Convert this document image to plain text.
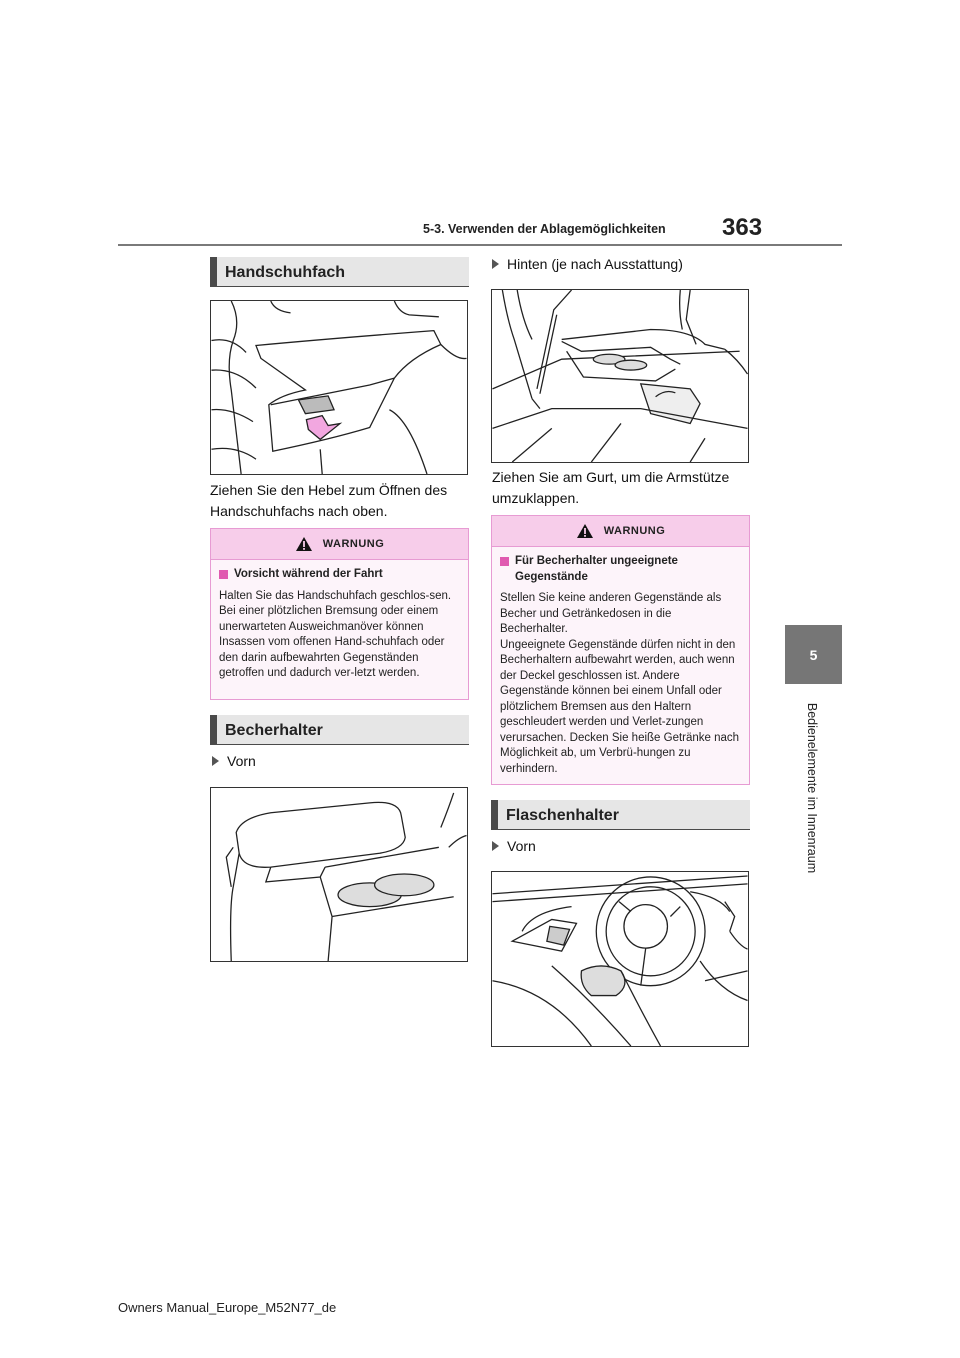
5-3. Verwenden der Ablagemöglichkeiten 363
5
Bedienelemente im Innenraum
Handschuhfach
Ziehen Sie den Hebel zum Öffnen des Handschuhfachs nach oben.
WARNUNG
Vorsicht während der Fahrt
Halten Sie das Handschuhfach geschlos-sen. Bei einer plötzlichen Bremsung oder einem unerwarteten Ausweichmanöver können Insassen vom offenen Hand-schuhfach oder den darin aufbewahrten Gegenständen getroffen und dadurch ver-letzt werden.
Becherhalter
Vorn
Hinten (je nach Ausstattung)
Ziehen Sie am Gurt, um die Armstütze umzuklappen.
WARNUNG
Für Becherhalter ungeeignete Gegenstände
Stellen Sie keine anderen Gegenstände als Becher und Getränkedosen in die Becherhalter.
Ungeeignete Gegenstände dürfen nicht in den Becherhaltern aufbewahrt werden, auch wenn der Deckel geschlossen ist. Andere Gegenstände können bei einem Unfall oder plötzlichem Bremsen aus den Haltern geschleudert werden und Verlet-zungen verursachen. Decken Sie heiße Getränke nach Möglichkeit ab, um Verbrü-hungen zu verhindern.
Flaschenhalter
Vorn
Owners Manual_Europe_M52N77_de
